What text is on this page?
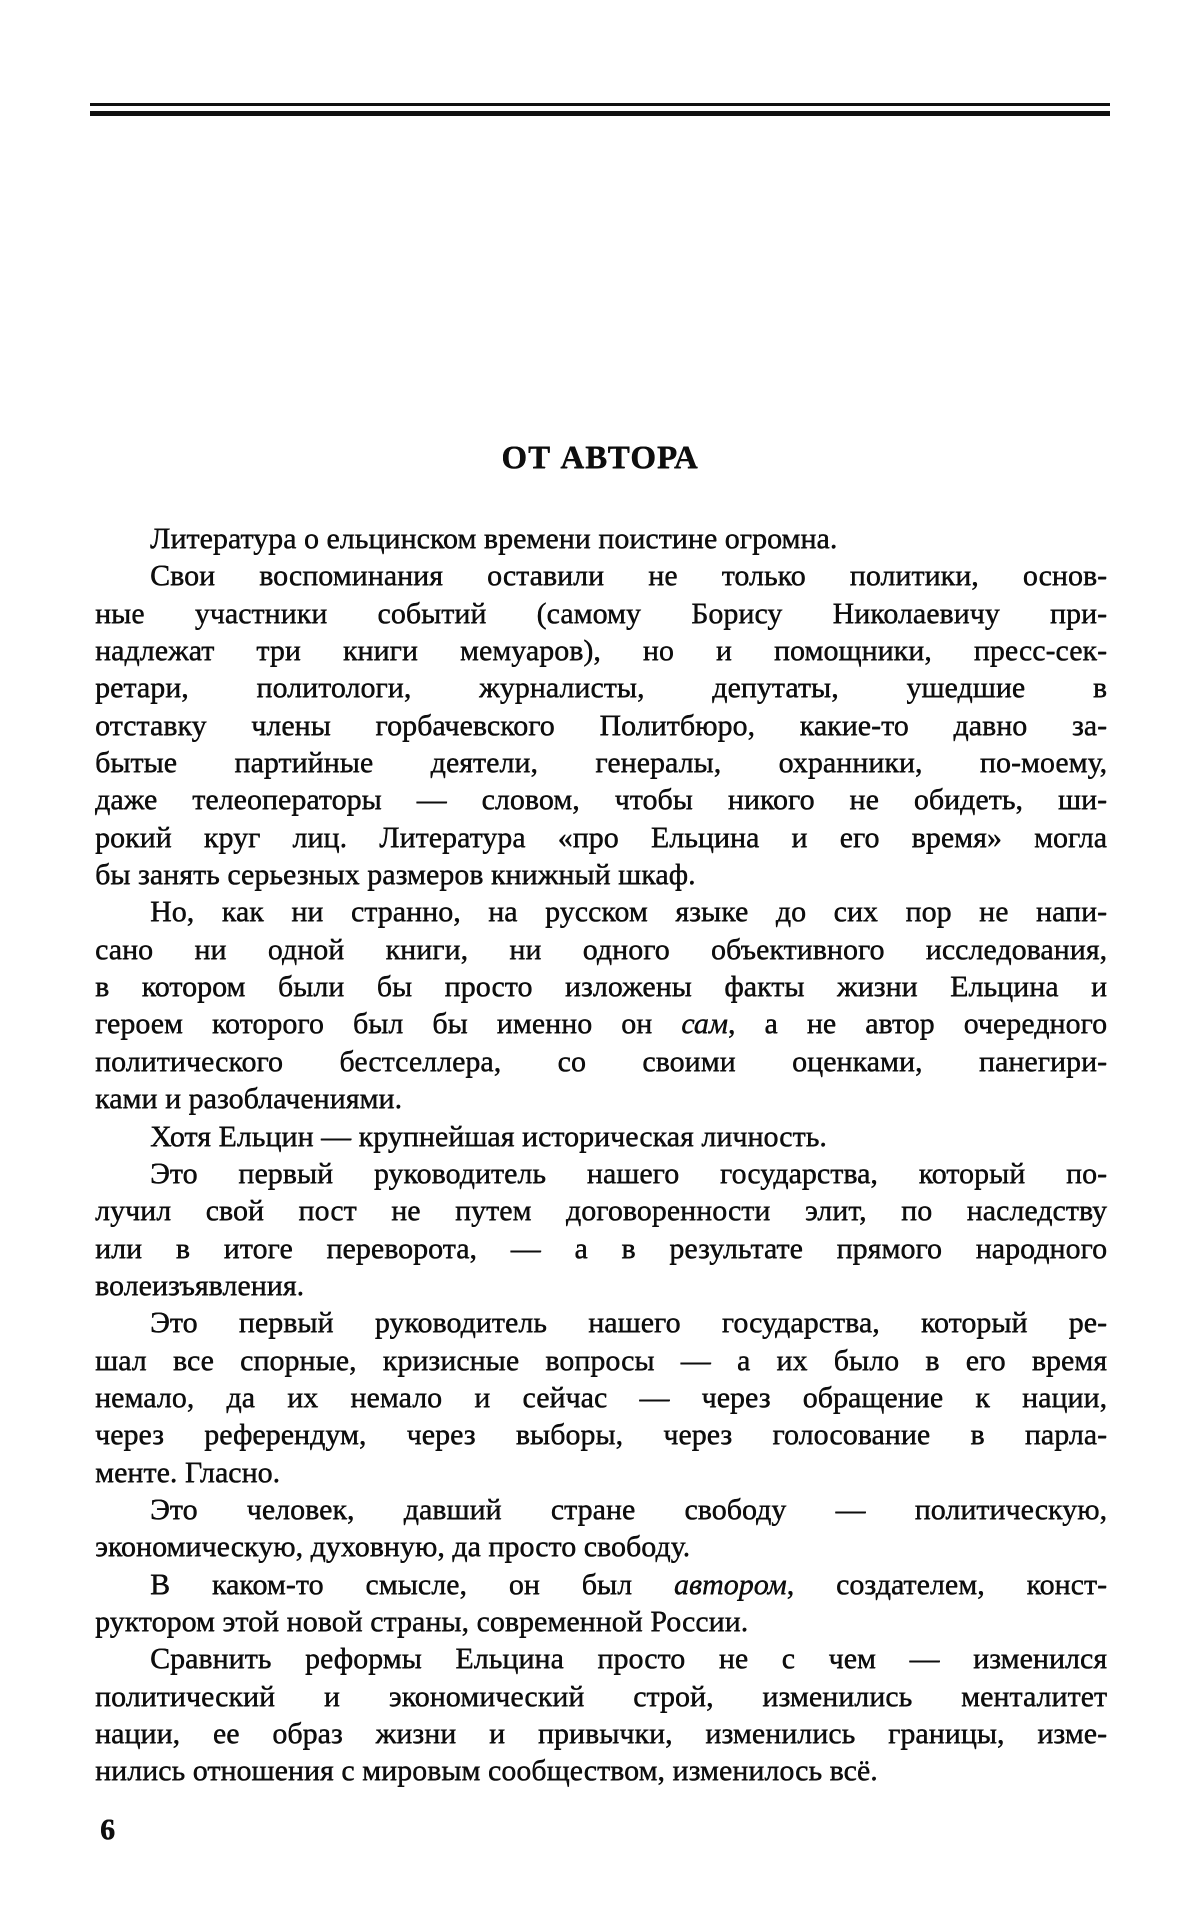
ОТ АВТОРА
Литература о ельцинском времени поистине огромна.
Свои воспоминания оставили не только политики, основ-
ные участники событий (самому Борису Николаевичу при-
надлежат три книги мемуаров), но и помощники, пресс-сек-
ретари, политологи, журналисты, депутаты, ушедшие в
отставку члены горбачевского Политбюро, какие-то давно за-
бытые партийные деятели, генералы, охранники, по-моему,
даже телеоператоры — словом, чтобы никого не обидеть, ши-
рокий круг лиц. Литература «про Ельцина и его время» могла
бы занять серьезных размеров книжный шкаф.
Но, как ни странно, на русском языке до сих пор не напи-
сано ни одной книги, ни одного объективного исследования,
в котором были бы просто изложены факты жизни Ельцина и
героем которого был бы именно он сам, а не автор очередного
политического бестселлера, со своими оценками, панегири-
ками и разоблачениями.
Хотя Ельцин — крупнейшая историческая личность.
Это первый руководитель нашего государства, который по-
лучил свой пост не путем договоренности элит, по наследству
или в итоге переворота, — а в результате прямого народного
волеизъявления.
Это первый руководитель нашего государства, который ре-
шал все спорные, кризисные вопросы — а их было в его время
немало, да их немало и сейчас — через обращение к нации,
через референдум, через выборы, через голосование в парла-
менте. Гласно.
Это человек, давший стране свободу — политическую,
экономическую, духовную, да просто свободу.
В каком-то смысле, он был автором, создателем, конст-
руктором этой новой страны, современной России.
Сравнить реформы Ельцина просто не с чем — изменился
политический и экономический строй, изменились менталитет
нации, ее образ жизни и привычки, изменились границы, изме-
нились отношения с мировым сообществом, изменилось всё.
6
